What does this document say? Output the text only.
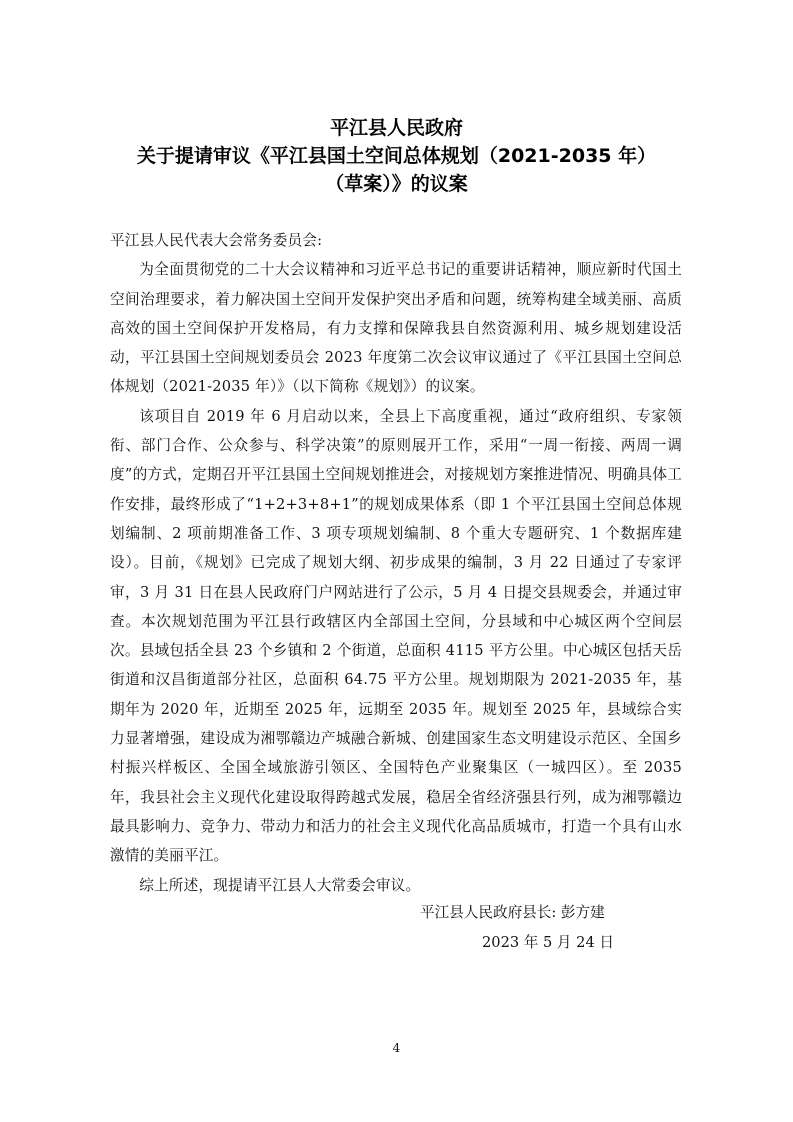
平江县人民政府
关于提请审议《平江县国土空间总体规划（2021-2035 年）
（草案）》的议案

平江县人民代表大会常务委员会:

为全面贯彻党的二十大会议精神和习近平总书记的重要讲话精神，顺应新时代国土空间治理要求，着力解决国土空间开发保护突出矛盾和问题，统筹构建全域美丽、高质高效的国土空间保护开发格局，有力支撑和保障我县自然资源利用、城乡规划建设活动，平江县国土空间规划委员会 2023 年度第二次会议审议通过了《平江县国土空间总体规划（2021-2035 年）》（以下简称《规划》）的议案。

该项目自 2019 年 6 月启动以来，全县上下高度重视，通过“政府组织、专家领衔、部门合作、公众参与、科学决策”的原则展开工作，采用“一周一衔接、两周一调度”的方式，定期召开平江县国土空间规划推进会，对接规划方案推进情况、明确具体工作安排，最终形成了“1+2+3+8+1”的规划成果体系（即 1 个平江县国土空间总体规划编制、2 项前期准备工作、3 项专项规划编制、8 个重大专题研究、1 个数据库建设）。目前，《规划》已完成了规划大纲、初步成果的编制，3 月 22 日通过了专家评审，3 月 31 日在县人民政府门户网站进行了公示，5 月 4 日提交县规委会，并通过审查。本次规划范围为平江县行政辖区内全部国土空间，分县域和中心城区两个空间层次。县域包括全县 23 个乡镇和 2 个街道，总面积 4115 平方公里。中心城区包括天岳街道和汉昌街道部分社区，总面积 64.75 平方公里。规划期限为 2021-2035 年，基期年为 2020 年，近期至 2025 年，远期至 2035 年。规划至 2025 年，县域综合实力显著增强，建设成为湘鄂赣边产城融合新城、创建国家生态文明建设示范区、全国乡村振兴样板区、全国全域旅游引领区、全国特色产业聚集区（一城四区）。至 2035 年，我县社会主义现代化建设取得跨越式发展，稳居全省经济强县行列，成为湘鄂赣边最具影响力、竞争力、带动力和活力的社会主义现代化高品质城市，打造一个具有山水激情的美丽平江。

综上所述，现提请平江县人大常委会审议。

平江县人民政府县长: 彭方建
2023 年 5 月 24 日
4
